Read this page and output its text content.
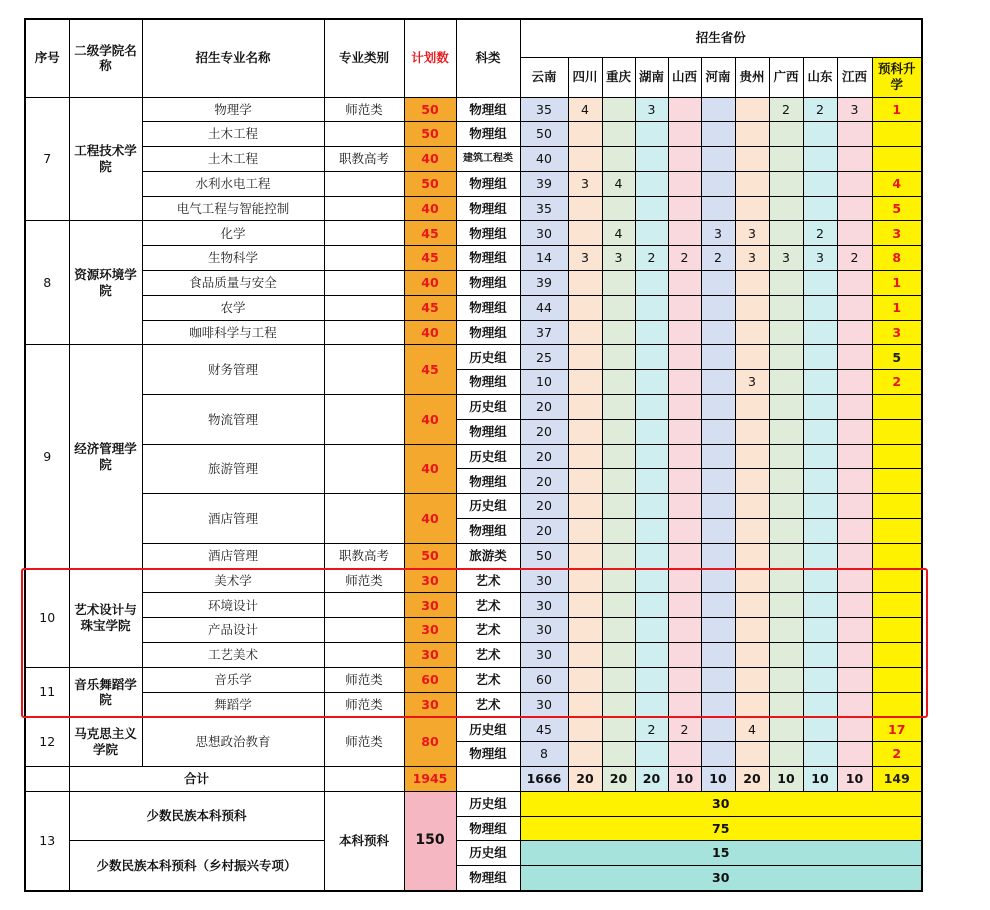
序号	二级学院名称	招生专业名称	专业类别	计划数	科类	招生省份										
						云南	四川	重庆	湖南	山西	河南	贵州	广西	山东	江西	预科升学
7	工程技术学院	物理学	师范类	50	物理组	35	4		3				2	2	3	1
		土木工程		50	物理组	50										
		土木工程	职教高考	40	建筑工程类	40										
		水利水电工程		50	物理组	39	3	4								4
		电气工程与智能控制		40	物理组	35										5
8	资源环境学院	化学		45	物理组	30		4			3	3		2		3
		生物科学		45	物理组	14	3	3	2	2	2	3	3	3	2	8
		食品质量与安全		40	物理组	39										1
		农学		45	物理组	44										1
		咖啡科学与工程		40	物理组	37										3
9	经济管理学院	财务管理		45	历史组	25										5
					物理组	10						3				2
		物流管理		40	历史组	20										
					物理组	20										
		旅游管理		40	历史组	20										
					物理组	20										
		酒店管理		40	历史组	20										
					物理组	20										
		酒店管理	职教高考	50	旅游类	50										
10	艺术设计与珠宝学院	美术学	师范类	30	艺术	30										
		环境设计		30	艺术	30										
		产品设计		30	艺术	30										
		工艺美术		30	艺术	30										
11	音乐舞蹈学院	音乐学	师范类	60	艺术	60										
		舞蹈学	师范类	30	艺术	30										
12	马克思主义学院	思想政治教育	师范类	80	历史组	45			2	2		4				17
					物理组	8										2
	合计			1945		1666	20	20	20	10	10	20	10	10	10	149
13	少数民族本科预科		本科预科	150	历史组	30										
					物理组	75										
	少数民族本科预科（乡村振兴专项）				历史组	15										
					物理组	30										
